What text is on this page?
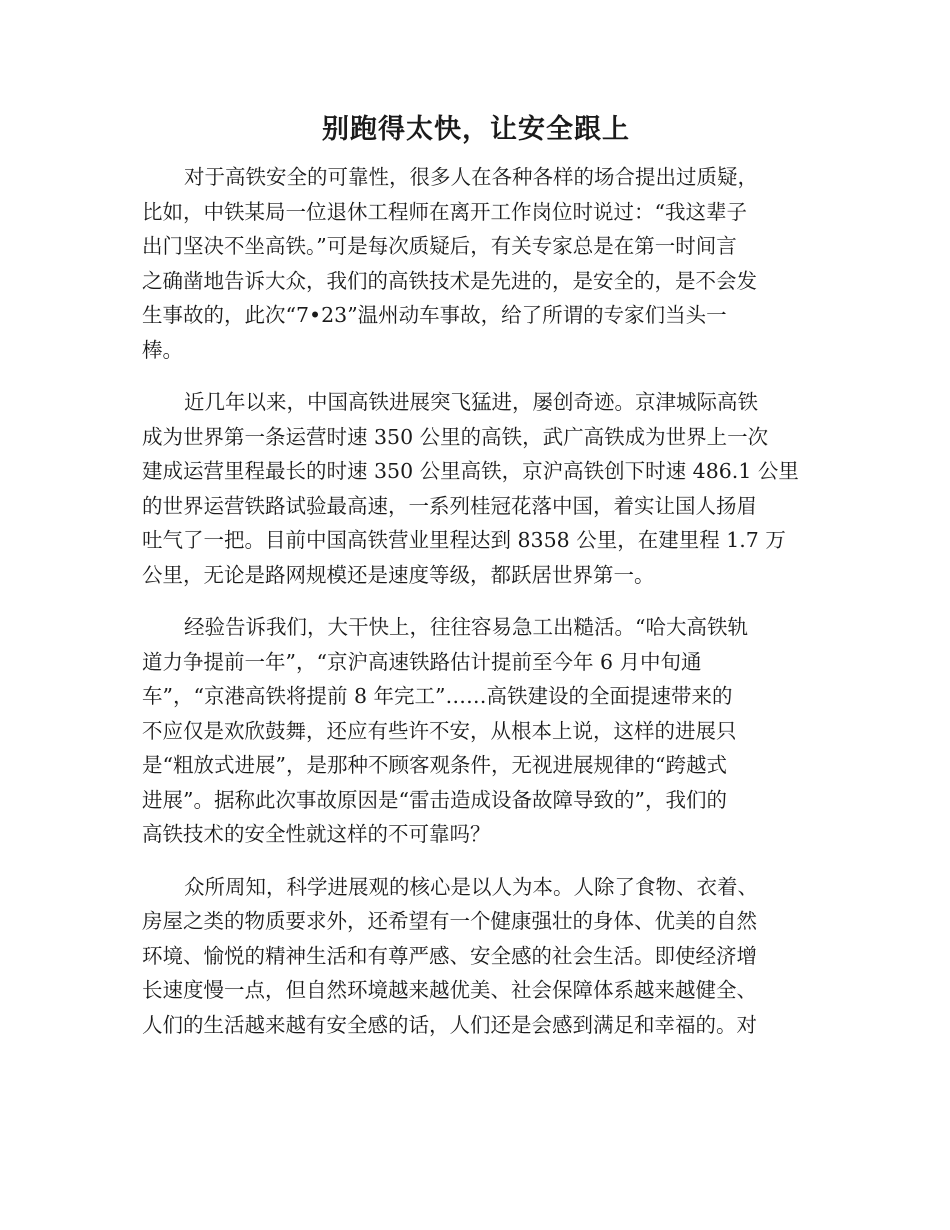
别跑得太快，让安全跟上

对于高铁安全的可靠性，很多人在各种各样的场合提出过质疑，
比如，中铁某局一位退休工程师在离开工作岗位时说过：“我这辈子
出门坚决不坐高铁。”可是每次质疑后，有关专家总是在第一时间言
之确凿地告诉大众，我们的高铁技术是先进的，是安全的，是不会发
生事故的，此次“7•23”温州动车事故，给了所谓的专家们当头一
棒。

近几年以来，中国高铁进展突飞猛进，屡创奇迹。京津城际高铁
成为世界第一条运营时速 350 公里的高铁，武广高铁成为世界上一次
建成运营里程最长的时速 350 公里高铁，京沪高铁创下时速 486.1 公里
的世界运营铁路试验最高速，一系列桂冠花落中国，着实让国人扬眉
吐气了一把。目前中国高铁营业里程达到 8358 公里，在建里程 1.7 万
公里，无论是路网规模还是速度等级，都跃居世界第一。

经验告诉我们，大干快上，往往容易急工出糙活。“哈大高铁轨
道力争提前一年”，“京沪高速铁路估计提前至今年 6 月中旬通
车”，“京港高铁将提前 8 年完工”……高铁建设的全面提速带来的
不应仅是欢欣鼓舞，还应有些许不安，从根本上说，这样的进展只
是“粗放式进展”，是那种不顾客观条件，无视进展规律的“跨越式
进展”。据称此次事故原因是“雷击造成设备故障导致的”，我们的
高铁技术的安全性就这样的不可靠吗？

众所周知，科学进展观的核心是以人为本。人除了食物、衣着、
房屋之类的物质要求外，还希望有一个健康强壮的身体、优美的自然
环境、愉悦的精神生活和有尊严感、安全感的社会生活。即使经济增
长速度慢一点，但自然环境越来越优美、社会保障体系越来越健全、
人们的生活越来越有安全感的话，人们还是会感到满足和幸福的。对
